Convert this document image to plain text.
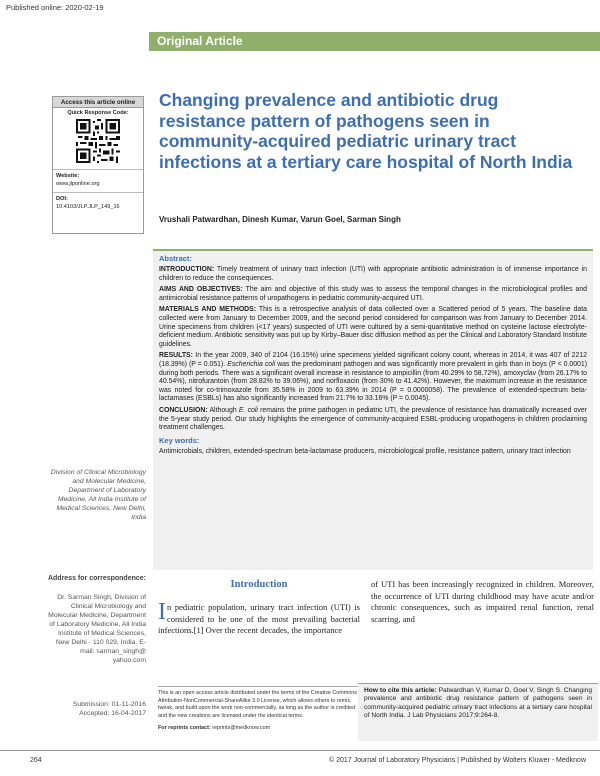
Published online: 2020-02-19
Original Article
Access this article online
Quick Response Code:
Website:
www.jlponline.org
DOI:
10.4103/JLP.JLP_149_16
Changing prevalence and antibiotic drug resistance pattern of pathogens seen in community-acquired pediatric urinary tract infections at a tertiary care hospital of North India
Vrushali Patwardhan, Dinesh Kumar, Varun Goel, Sarman Singh
Abstract:

INTRODUCTION: Timely treatment of urinary tract infection (UTI) with appropriate antibiotic administration is of immense importance in children to reduce the consequences.

AIMS AND OBJECTIVES: The aim and objective of this study was to assess the temporal changes in the microbiological profiles and antimicrobial resistance patterns of uropathogens in pediatric community-acquired UTI.

MATERIALS AND METHODS: This is a retrospective analysis of data collected over a Scattered period of 5 years. The baseline data collected were from January to December 2009, and the second period considered for comparison was from January to December 2014. Urine specimens from children (<17 years) suspected of UTI were cultured by a semi-quantitative method on cysteine lactose electrolyte-deficient medium. Antibiotic sensitivity was put up by Kirby–Bauer disc diffusion method as per the Clinical and Laboratory Standard Institute guidelines.

RESULTS: In the year 2009, 340 of 2104 (16.15%) urine specimens yielded significant colony count, whereas in 2014, it was 407 of 2212 (18.39%) (P = 0.051). Escherichia coli was the predominant pathogen and was significantly more prevalent in girls than in boys (P < 0.0001) during both periods. There was a significant overall increase in resistance to ampicillin (from 40.29% to 58.72%), amoxyclav (from 26.17% to 40.54%), nitrofurantoin (from 28.82% to 39.06%), and norfloxacin (from 30% to 41.42%). However, the maximum increase in the resistance was noted for co-trimoxazole from 35.58% in 2009 to 63.39% in 2014 (P = 0.0000058). The prevalence of extended-spectrum beta-lactamases (ESBLs) has also significantly increased from 21.7% to 33.16% (P = 0.0045).

CONCLUSION: Although E. coli remains the prime pathogen in pediatric UTI, the prevalence of resistance has dramatically increased over the 5-year study period. Our study highlights the emergence of community-acquired ESBL-producing uropathogens in children proclaiming treatment challenges.

Key words:

Antimicrobials, children, extended-spectrum beta-lactamase producers, microbiological profile, resistance pattern, urinary tract infection

Division of Clinical Microbiology and Molecular Medicine, Department of Laboratory Medicine, All India Institute of Medical Sciences, New Delhi, India
Address for correspondence:
Dr. Sarman Singh, Division of Clinical Microbiology and Molecular Medicine, Department of Laboratory Medicine, All India Institute of Medical Sciences, New Delhi - 110 029, India. E-mail: sarman_singh@ yahoo.com
Submission: 01-11-2016
Accepted: 16-04-2017
Introduction
In pediatric population, urinary tract infection (UTI) is considered to be one of the most prevailing bacterial infections.[1] Over the recent decades, the importance
of UTI has been increasingly recognized in children. Moreover, the occurrence of UTI during childhood may have acute and/or chronic consequences, such as impaired renal function, renal scarring, and
This is an open access article distributed under the terms of the Creative Commons Attribution-NonCommercial-ShareAlike 3.0 License, which allows others to remix, tweak, and build upon the work non-commercially, as long as the author is credited and the new creations are licensed under the identical terms.
For reprints contact: reprints@medknow.com
How to cite this article: Patwardhan V, Kumar D, Goel V, Singh S. Changing prevalence and antibiotic drug resistance pattern of pathogens seen in community-acquired pediatric urinary tract infections at a tertiary care hospital of North India. J Lab Physicians 2017;9:264-8.
264	© 2017 Journal of Laboratory Physicians | Published by Wolters Kluwer - Medknow
